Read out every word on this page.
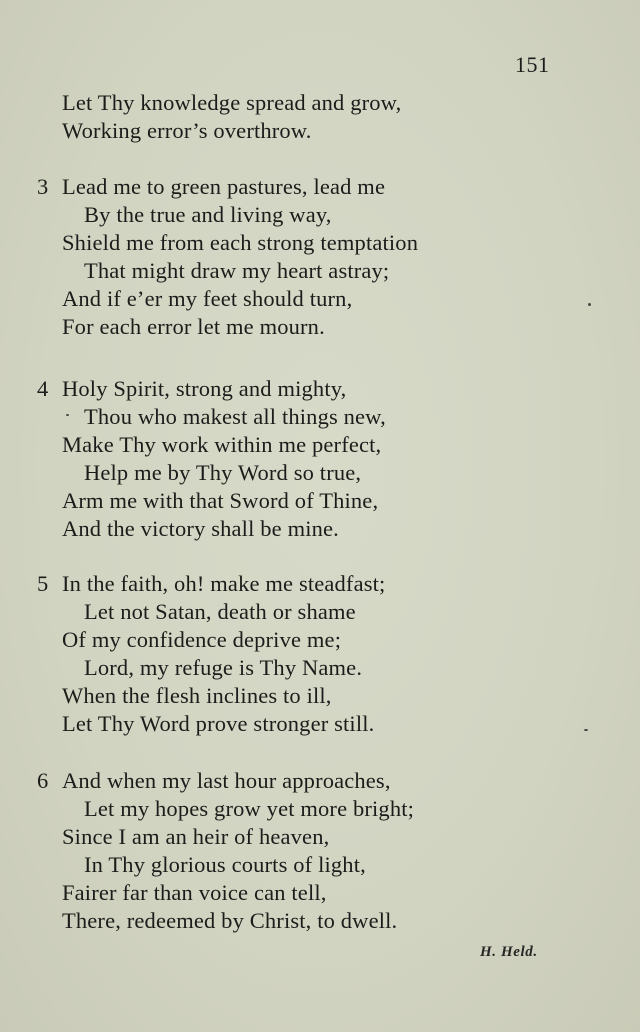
151
Let Thy knowledge spread and grow,
Working error’s overthrow.
3 Lead me to green pastures, lead me
By the true and living way,
Shield me from each strong temptation
That might draw my heart astray;
And if e’er my feet should turn,
For each error let me mourn.
4 Holy Spirit, strong and mighty,
Thou who makest all things new,
Make Thy work within me perfect,
Help me by Thy Word so true,
Arm me with that Sword of Thine,
And the victory shall be mine.
5 In the faith, oh! make me steadfast;
Let not Satan, death or shame
Of my confidence deprive me;
Lord, my refuge is Thy Name.
When the flesh inclines to ill,
Let Thy Word prove stronger still.
6 And when my last hour approaches,
Let my hopes grow yet more bright;
Since I am an heir of heaven,
In Thy glorious courts of light,
Fairer far than voice can tell,
There, redeemed by Christ, to dwell.
H. Held.
